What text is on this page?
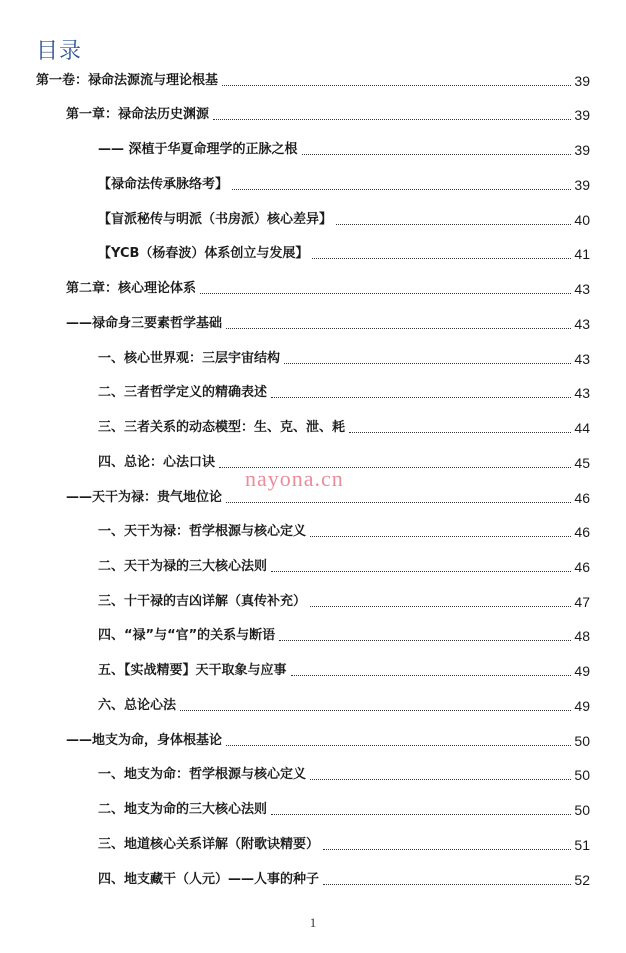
目录
第一卷：禄命法源流与理论根基	39
第一章：禄命法历史渊源	39
—— 深植于华夏命理学的正脉之根	39
【禄命法传承脉络考】	39
【盲派秘传与明派（书房派）核心差异】	40
【YCB（杨春波）体系创立与发展】	41
第二章：核心理论体系	43
——禄命身三要素哲学基础	43
一、核心世界观：三层宇宙结构	43
二、三者哲学定义的精确表述	43
三、三者关系的动态模型：生、克、泄、耗	44
四、总论：心法口诀	45
——天干为禄：贵气地位论	46
一、天干为禄：哲学根源与核心定义	46
二、天干为禄的三大核心法则	46
三、十干禄的吉凶详解（真传补充）	47
四、“禄”与“官”的关系与断语	48
五、【实战精要】天干取象与应事	49
六、总论心法	49
——地支为命，身体根基论	50
一、地支为命：哲学根源与核心定义	50
二、地支为命的三大核心法则	50
三、地道核心关系详解（附歌诀精要）	51
四、地支藏干（人元）——人事的种子	52
nayona.cn
1
